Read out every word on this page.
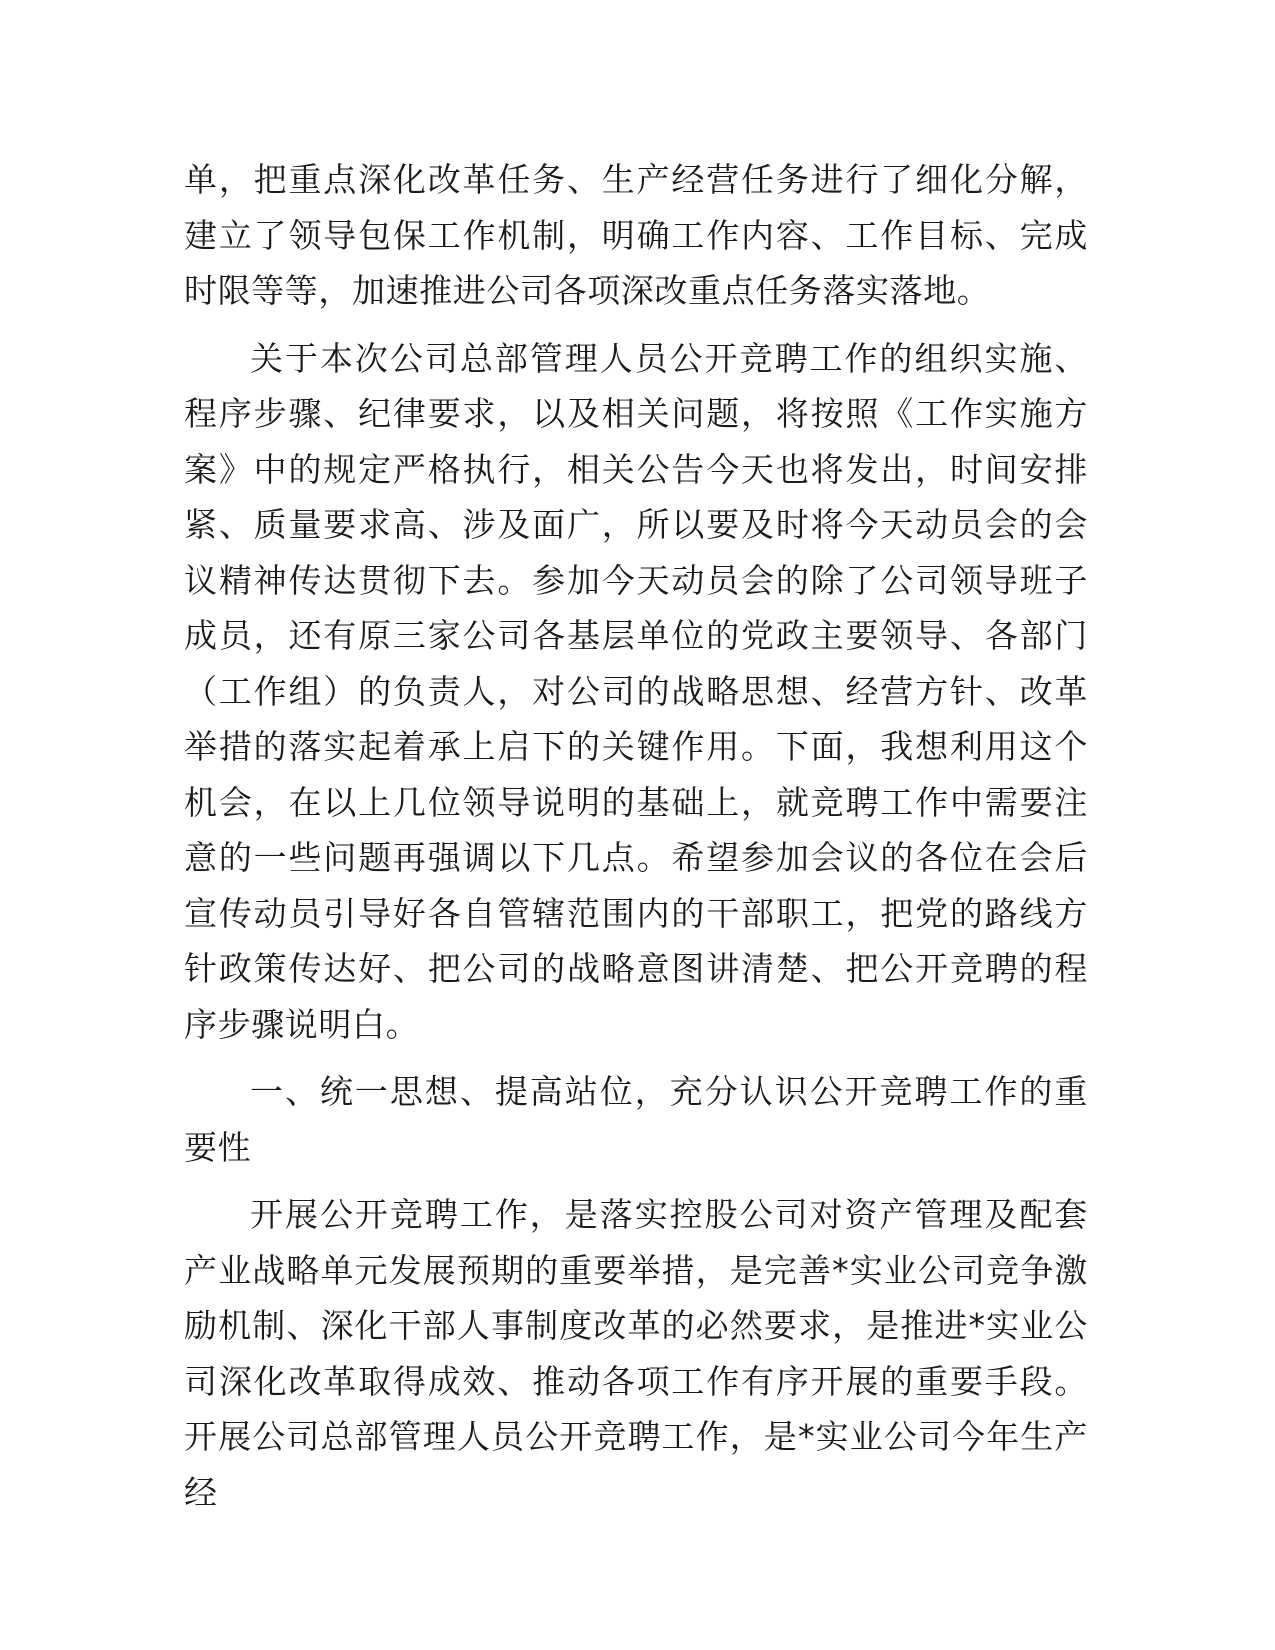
单，把重点深化改革任务、生产经营任务进行了细化分解，建立了领导包保工作机制，明确工作内容、工作目标、完成时限等等，加速推进公司各项深改重点任务落实落地。

关于本次公司总部管理人员公开竞聘工作的组织实施、程序步骤、纪律要求，以及相关问题，将按照《工作实施方案》中的规定严格执行，相关公告今天也将发出，时间安排紧、质量要求高、涉及面广，所以要及时将今天动员会的会议精神传达贯彻下去。参加今天动员会的除了公司领导班子成员，还有原三家公司各基层单位的党政主要领导、各部门（工作组）的负责人，对公司的战略思想、经营方针、改革举措的落实起着承上启下的关键作用。下面，我想利用这个机会，在以上几位领导说明的基础上，就竞聘工作中需要注意的一些问题再强调以下几点。希望参加会议的各位在会后宣传动员引导好各自管辖范围内的干部职工，把党的路线方针政策传达好、把公司的战略意图讲清楚、把公开竞聘的程序步骤说明白。

一、统一思想、提高站位，充分认识公开竞聘工作的重要性

开展公开竞聘工作，是落实控股公司对资产管理及配套产业战略单元发展预期的重要举措，是完善*实业公司竞争激励机制、深化干部人事制度改革的必然要求，是推进*实业公司深化改革取得成效、推动各项工作有序开展的重要手段。开展公司总部管理人员公开竞聘工作，是*实业公司今年生产经
